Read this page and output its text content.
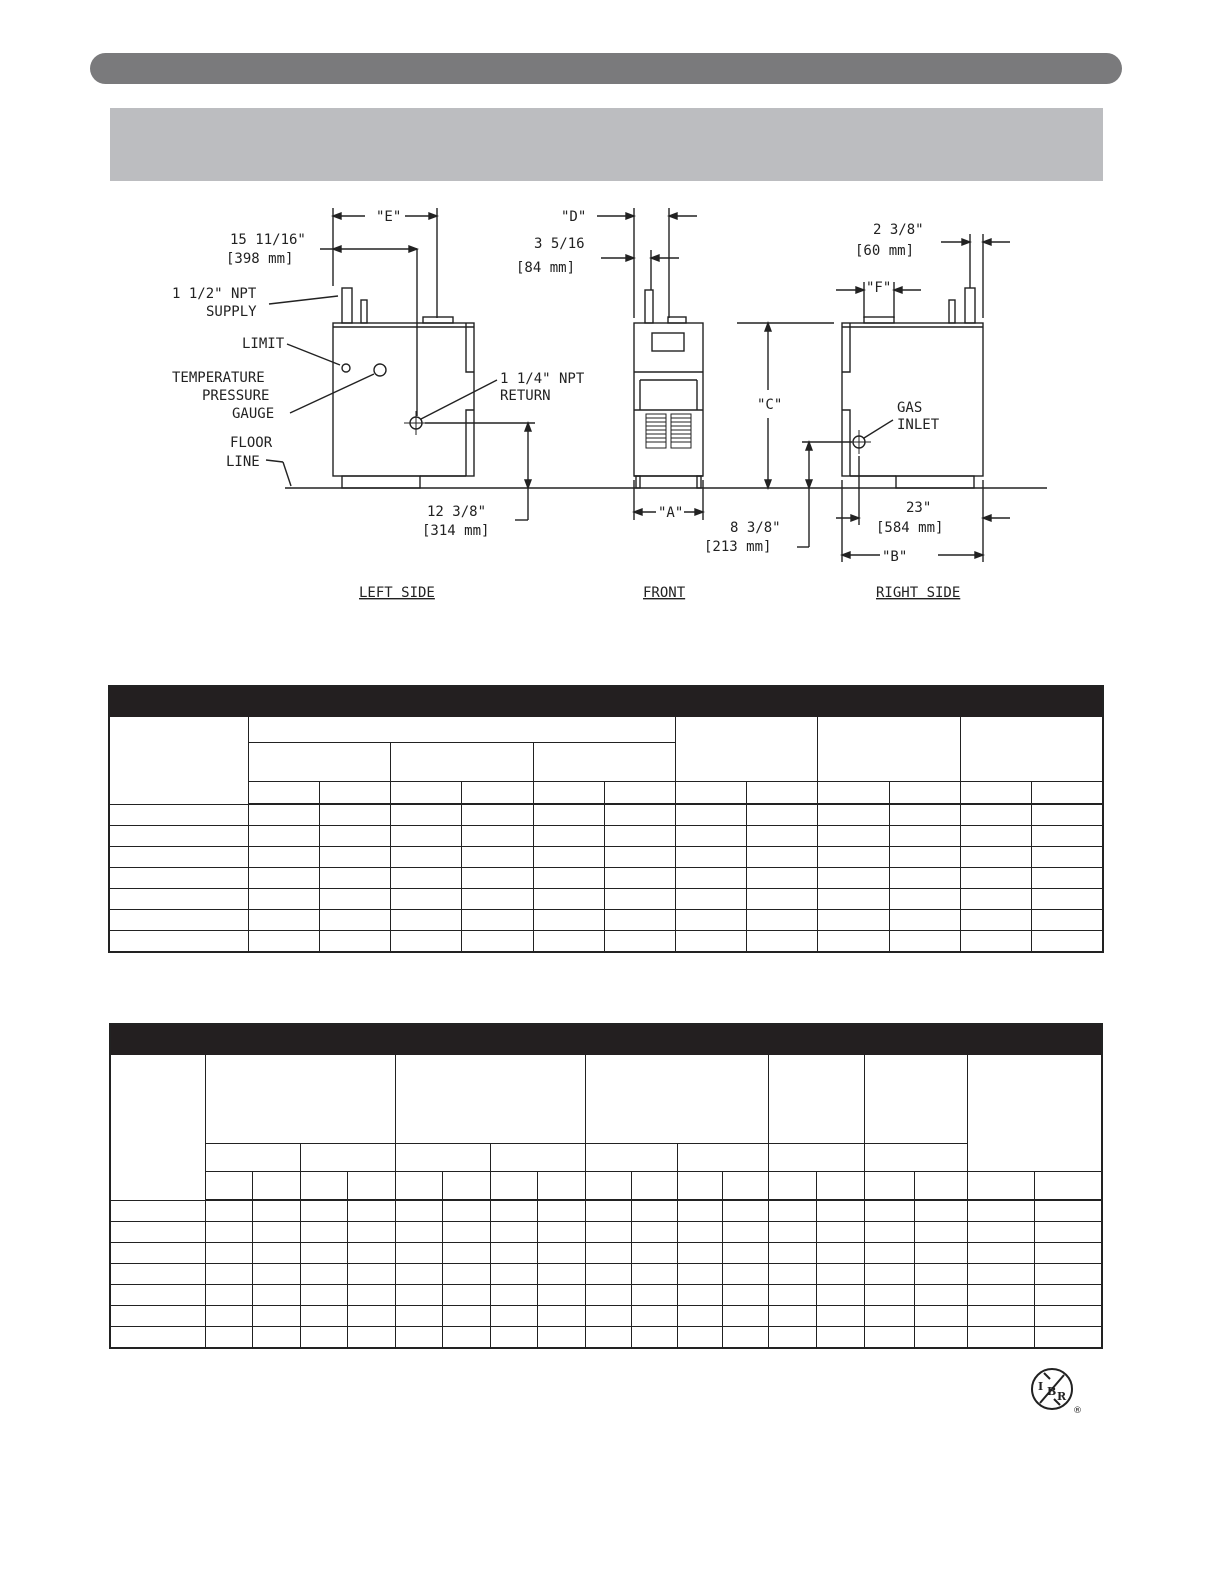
"E"
15 11/16"
[398 mm]
1 1/2" NPT
SUPPLY
LIMIT
TEMPERATURE
PRESSURE
GAUGE
FLOOR
LINE
1 1/4" NPT
RETURN
12 3/8"
[314 mm]
"D"
3 5/16
[84 mm]
"C"
"A"
8 3/8"
[213 mm]
2 3/8"
[60 mm]
"F"
GAS
INLET
23"
[584 mm]
"B"
LEFT SIDE	FRONT	RIGHT SIDE

I B R
®
